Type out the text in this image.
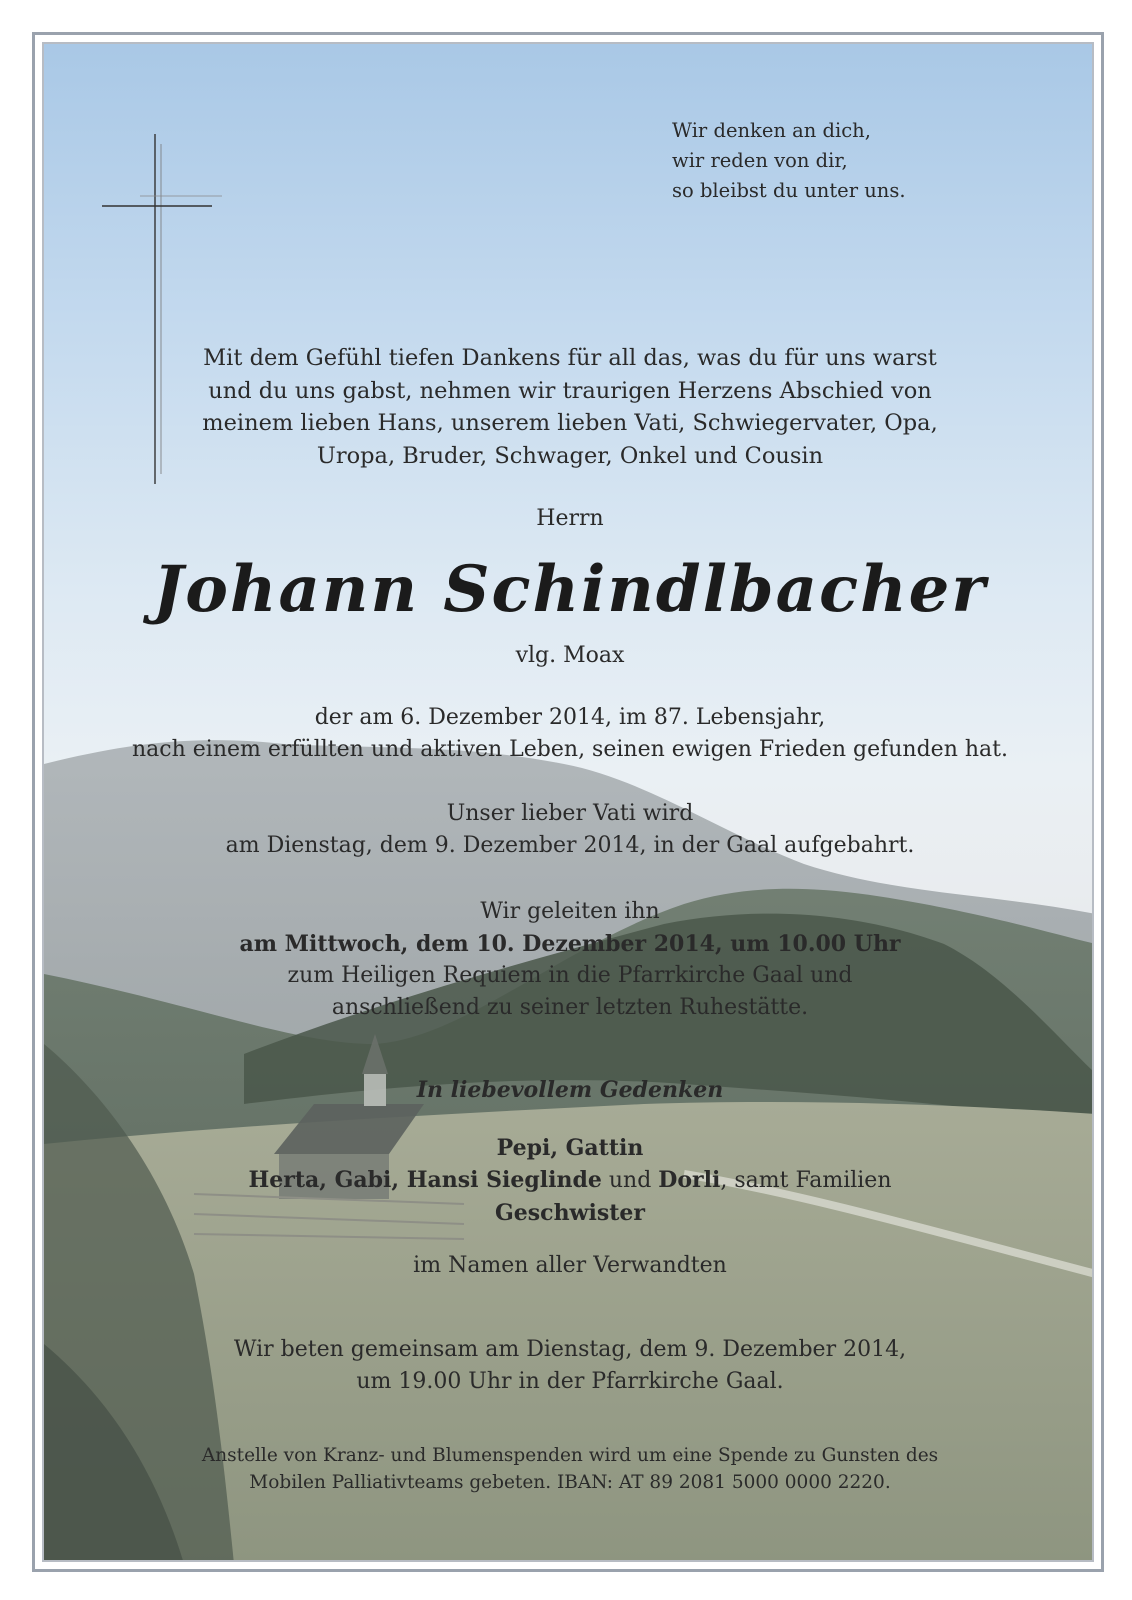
Wir denken an dich,
wir reden von dir,
so bleibst du unter uns.
Mit dem Gefühl tiefen Dankens für all das, was du für uns warst
und du uns gabst, nehmen wir traurigen Herzens Abschied von
meinem lieben Hans, unserem lieben Vati, Schwiegervater, Opa,
Uropa, Bruder, Schwager, Onkel und Cousin
Herrn
Johann Schindlbacher
vlg. Moax
der am 6. Dezember 2014, im 87. Lebensjahr,
nach einem erfüllten und aktiven Leben, seinen ewigen Frieden gefunden hat.
Unser lieber Vati wird
am Dienstag, dem 9. Dezember 2014, in der Gaal aufgebahrt.
Wir geleiten ihn
am Mittwoch, dem 10. Dezember 2014, um 10.00 Uhr
zum Heiligen Requiem in die Pfarrkirche Gaal und
anschließend zu seiner letzten Ruhestätte.
In liebevollem Gedenken
Pepi, Gattin
Herta, Gabi, Hansi Sieglinde und Dorli, samt Familien
Geschwister
im Namen aller Verwandten
Wir beten gemeinsam am Dienstag, dem 9. Dezember 2014,
um 19.00 Uhr in der Pfarrkirche Gaal.
Anstelle von Kranz- und Blumenspenden wird um eine Spende zu Gunsten des
Mobilen Palliativteams gebeten. IBAN: AT 89 2081 5000 0000 2220.
